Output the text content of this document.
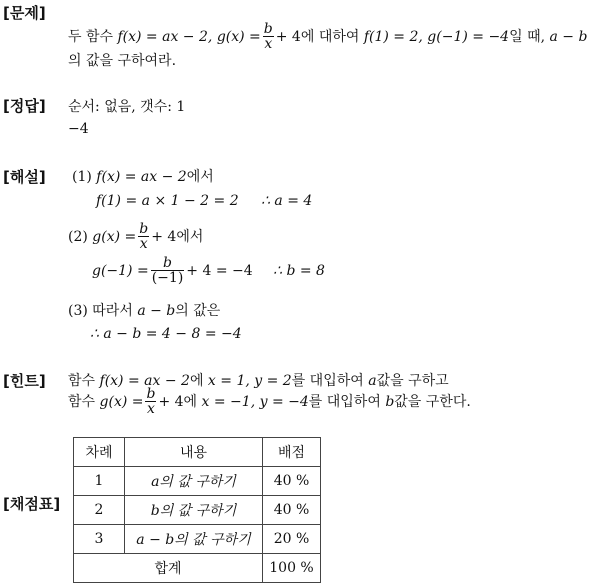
[문제]
두 함수 f(x) = ax − 2, $g(x) = \frac{b}{x} + 4$에 대하여 f(1) = 2, g(−1) = −4일 때, a − b
의 값을 구하여라.
[정답] 순서: 없음, 갯수: 1
−4
[해설] (1) f(x) = ax − 2에서
f(1) = a × 1 − 2 = 2 ∴ a = 4
(2) $g(x) = \frac{b}{x} + 4$에서
$g(-1) = \frac{b}{(-1)} + 4 = -4$ ∴ b = 8
(3) 따라서 a − b의 값은
∴ a − b = 4 − 8 = −4
[힌트] 함수 f(x) = ax − 2에 x = 1, y = 2를 대입하여 a값을 구하고
함수 $g(x) = \frac{b}{x} + 4$에 x = −1, y = −4를 대입하여 b값을 구한다.
[채점표]
차례	내용	배점
1	a의 값 구하기	40 %
2	b의 값 구하기	40 %
3	a − b의 값 구하기	20 %
합계		100 %
